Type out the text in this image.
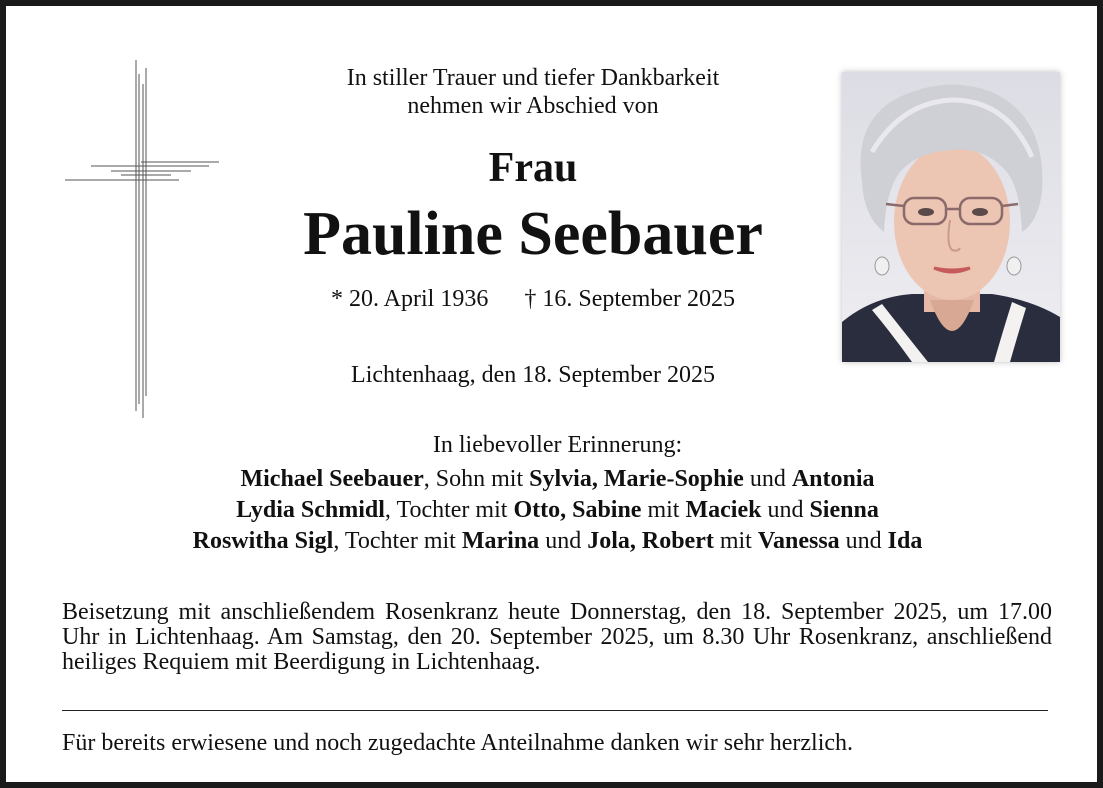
In stiller Trauer und tiefer Dankbarkeit
nehmen wir Abschied von
Frau
Pauline Seebauer
* 20. April 1936 † 16. September 2025
Lichtenhaag, den 18. September 2025
In liebevoller Erinnerung:
Michael Seebauer, Sohn mit Sylvia, Marie-Sophie und Antonia
Lydia Schmidl, Tochter mit Otto, Sabine mit Maciek und Sienna
Roswitha Sigl, Tochter mit Marina und Jola, Robert mit Vanessa und Ida
Beisetzung mit anschließendem Rosenkranz heute Donnerstag, den 18. September 2025, um 17.00 Uhr in Lichtenhaag. Am Samstag, den 20. September 2025, um 8.30 Uhr Rosenkranz, anschließend heiliges Requiem mit Beerdigung in Lichtenhaag.
Für bereits erwiesene und noch zugedachte Anteilnahme danken wir sehr herzlich.
